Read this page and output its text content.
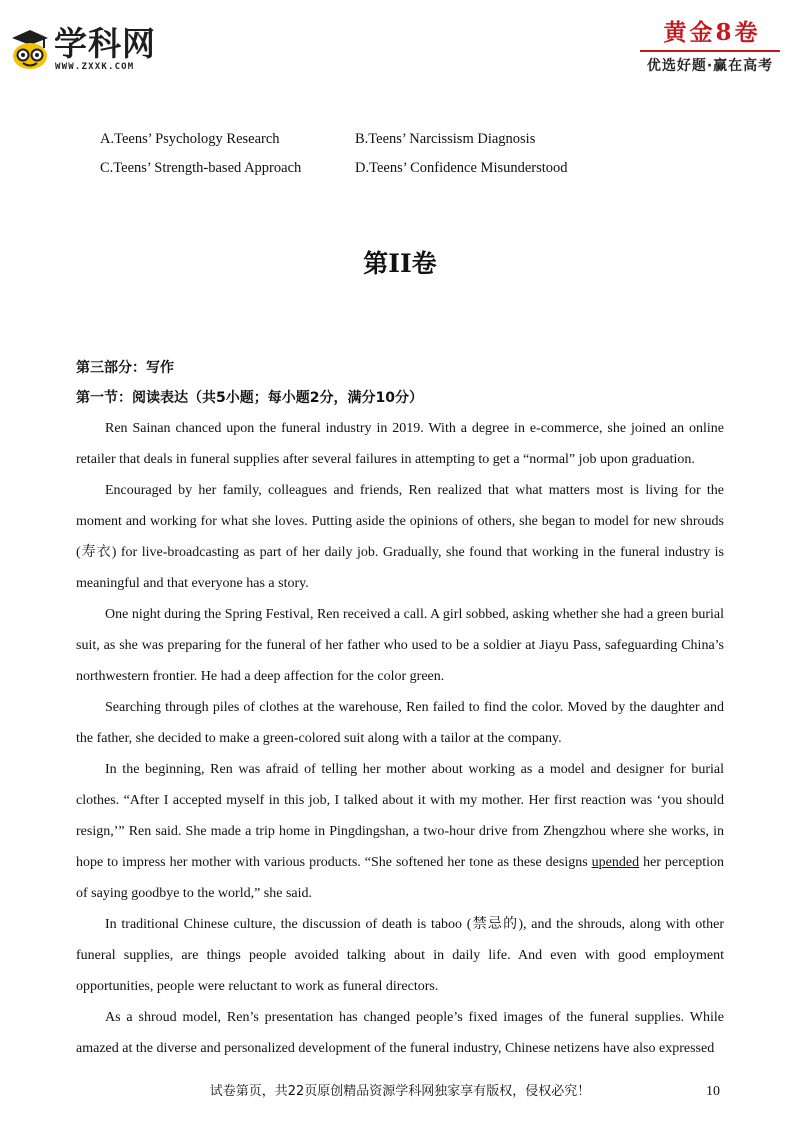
学科网
WWW.ZXXK.COM
黄金8卷
优选好题·赢在高考
A.Teens’ Psychology Research	B.Teens’ Narcissism Diagnosis
C.Teens’ Strength-based Approach	D.Teens’ Confidence Misunderstood
第II卷
第三部分：写作
第一节：阅读表达（共5小题；每小题2分，满分10分）

Ren Sainan chanced upon the funeral industry in 2019. With a degree in e-commerce, she joined an online retailer that deals in funeral supplies after several failures in attempting to get a “normal” job upon graduation.

Encouraged by her family, colleagues and friends, Ren realized that what matters most is living for the moment and working for what she loves. Putting aside the opinions of others, she began to model for new shrouds (寿衣) for live-broadcasting as part of her daily job. Gradually, she found that working in the funeral industry is meaningful and that everyone has a story.

One night during the Spring Festival, Ren received a call. A girl sobbed, asking whether she had a green burial suit, as she was preparing for the funeral of her father who used to be a soldier at Jiayu Pass, safeguarding China’s northwestern frontier. He had a deep affection for the color green.

Searching through piles of clothes at the warehouse, Ren failed to find the color. Moved by the daughter and the father, she decided to make a green-colored suit along with a tailor at the company.

In the beginning, Ren was afraid of telling her mother about working as a model and designer for burial clothes. “After I accepted myself in this job, I talked about it with my mother. Her first reaction was ‘you should resign,’” Ren said. She made a trip home in Pingdingshan, a two-hour drive from Zhengzhou where she works, in hope to impress her mother with various products. “She softened her tone as these designs upended her perception of saying goodbye to the world,” she said.

In traditional Chinese culture, the discussion of death is taboo (禁忌的), and the shrouds, along with other funeral supplies, are things people avoided talking about in daily life. And even with good employment opportunities, people were reluctant to work as funeral directors.

As a shroud model, Ren’s presentation has changed people’s fixed images of the funeral supplies. While amazed at the diverse and personalized development of the funeral industry, Chinese netizens have also expressed

试卷第页，共22页原创精品资源学科网独家享有版权，侵权必究！	10
